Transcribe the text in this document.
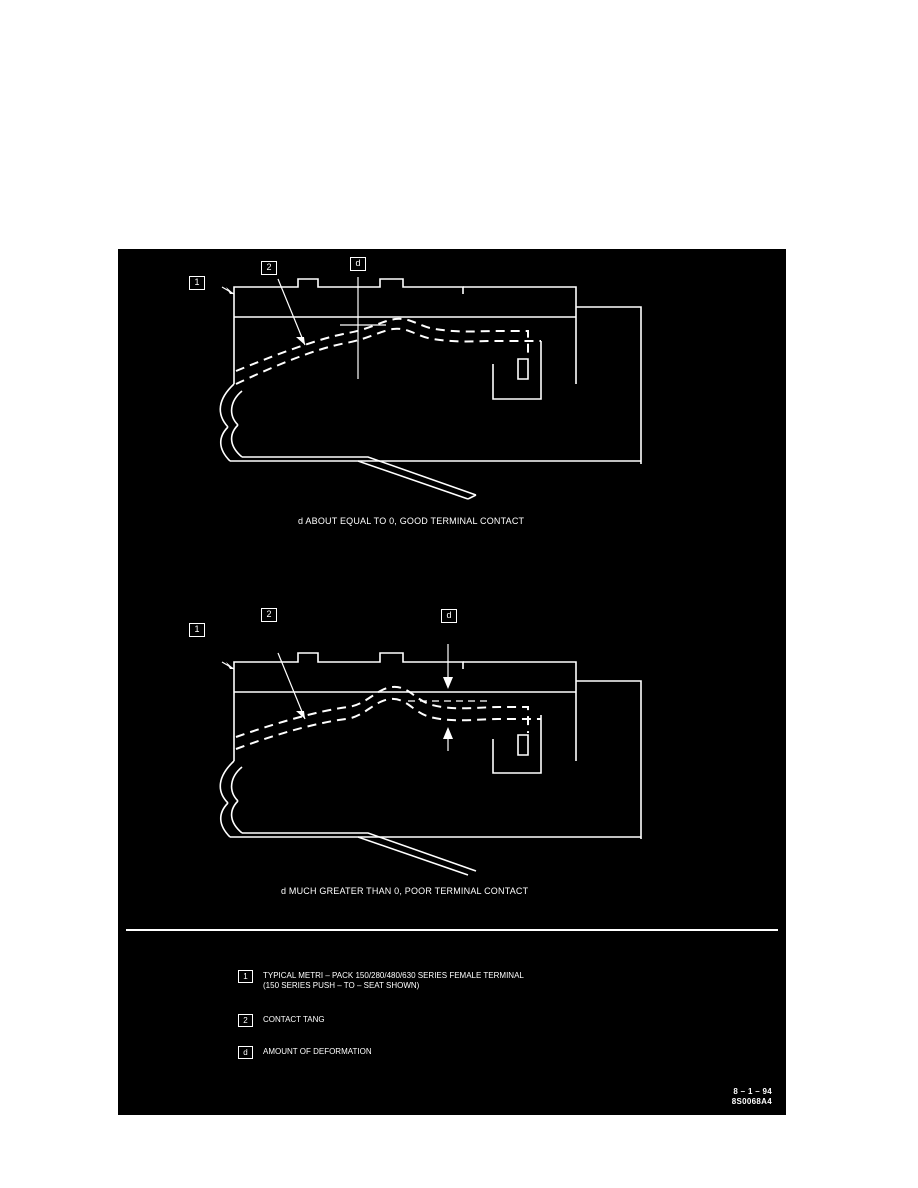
1
2	d
1
2	d
d ABOUT EQUAL TO 0, GOOD TERMINAL CONTACT
d MUCH GREATER THAN 0, POOR TERMINAL CONTACT
1 TYPICAL METRI – PACK 150/280/480/630 SERIES FEMALE TERMINAL
(150 SERIES PUSH – TO – SEAT SHOWN)
2 CONTACT TANG
d AMOUNT OF DEFORMATION
8 – 1 – 94
8S0068A4
